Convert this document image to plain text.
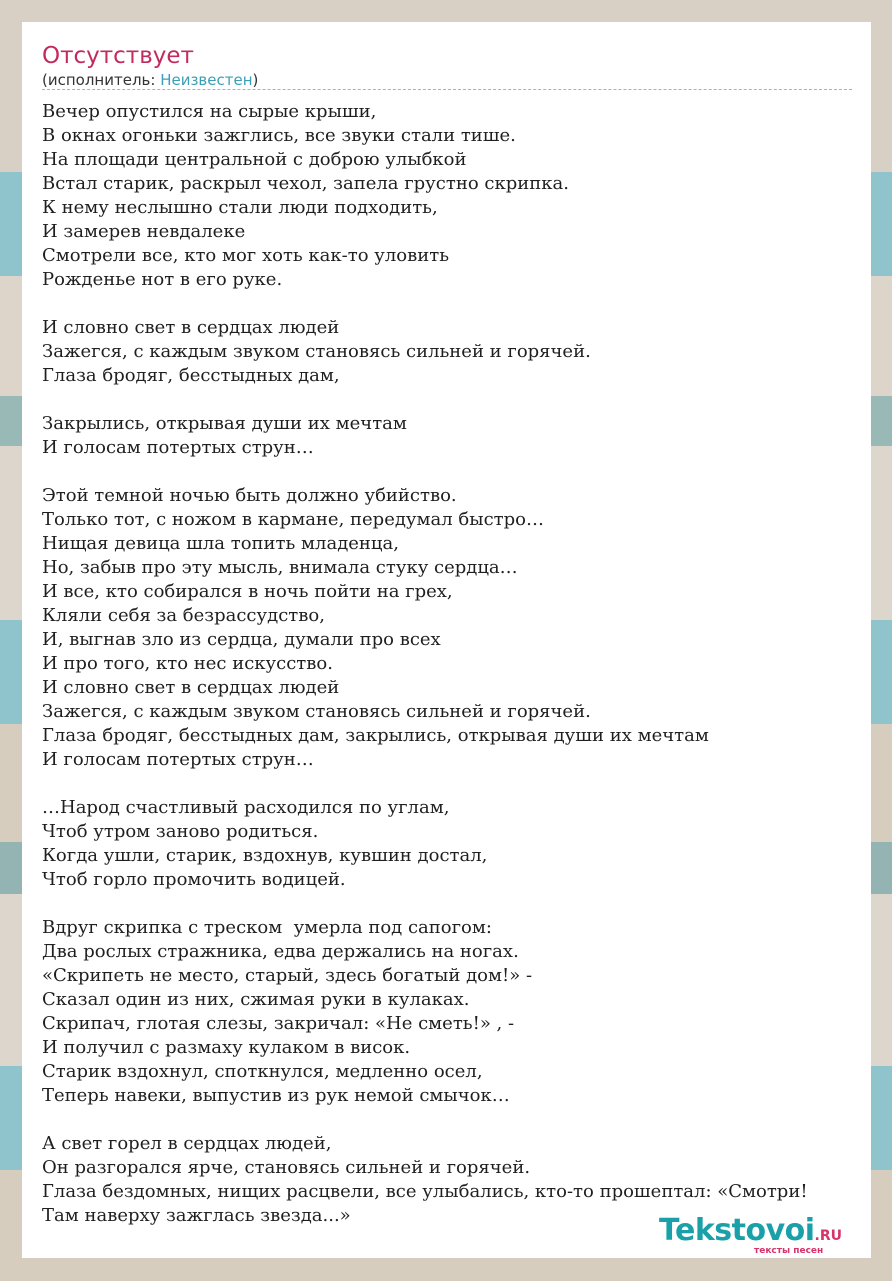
Отсутствует
(исполнитель: Неизвестен)
Вечер опустился на сырые крыши,
В окнах огоньки зажглись, все звуки стали тише.
На площади центральной с доброю улыбкой
Встал старик, раскрыл чехол, запела грустно скрипка.
К нему неслышно стали люди подходить,
И замерев невдалеке
Смотрели все, кто мог хоть как-то уловить
Рожденье нот в его руке.

И словно свет в сердцах людей
Зажегся, с каждым звуком становясь сильней и горячей.
Глаза бродяг, бесстыдных дам,

Закрылись, открывая души их мечтам
И голосам потертых струн…

Этой темной ночью быть должно убийство.
Только тот, с ножом в кармане, передумал быстро…
Нищая девица шла топить младенца,
Но, забыв про эту мысль, внимала стуку сердца…
И все, кто собирался в ночь пойти на грех,
Кляли себя за безрассудство,
И, выгнав зло из сердца, думали про всех
И про того, кто нес искусство.
И словно свет в сердцах людей
Зажегся, с каждым звуком становясь сильней и горячей.
Глаза бродяг, бесстыдных дам, закрылись, открывая души их мечтам
И голосам потертых струн…

…Народ счастливый расходился по углам,
Чтоб утром заново родиться.
Когда ушли, старик, вздохнув, кувшин достал,
Чтоб горло промочить водицей.

Вдруг скрипка с треском  умерла под сапогом:
Два рослых стражника, едва держались на ногах.
«Скрипеть не место, старый, здесь богатый дом!» -
Сказал один из них, сжимая руки в кулаках.
Скрипач, глотая слезы, закричал: «Не сметь!» , -
И получил с размаху кулаком в висок.
Старик вздохнул, споткнулся, медленно осел,
Теперь навеки, выпустив из рук немой смычок…

А свет горел в сердцах людей,
Он разгорался ярче, становясь сильней и горячей.
Глаза бездомных, нищих расцвели, все улыбались, кто-то прошептал: «Смотри!
Там наверху зажглась звезда...»	Tekstovoi.RU
тексты песен
